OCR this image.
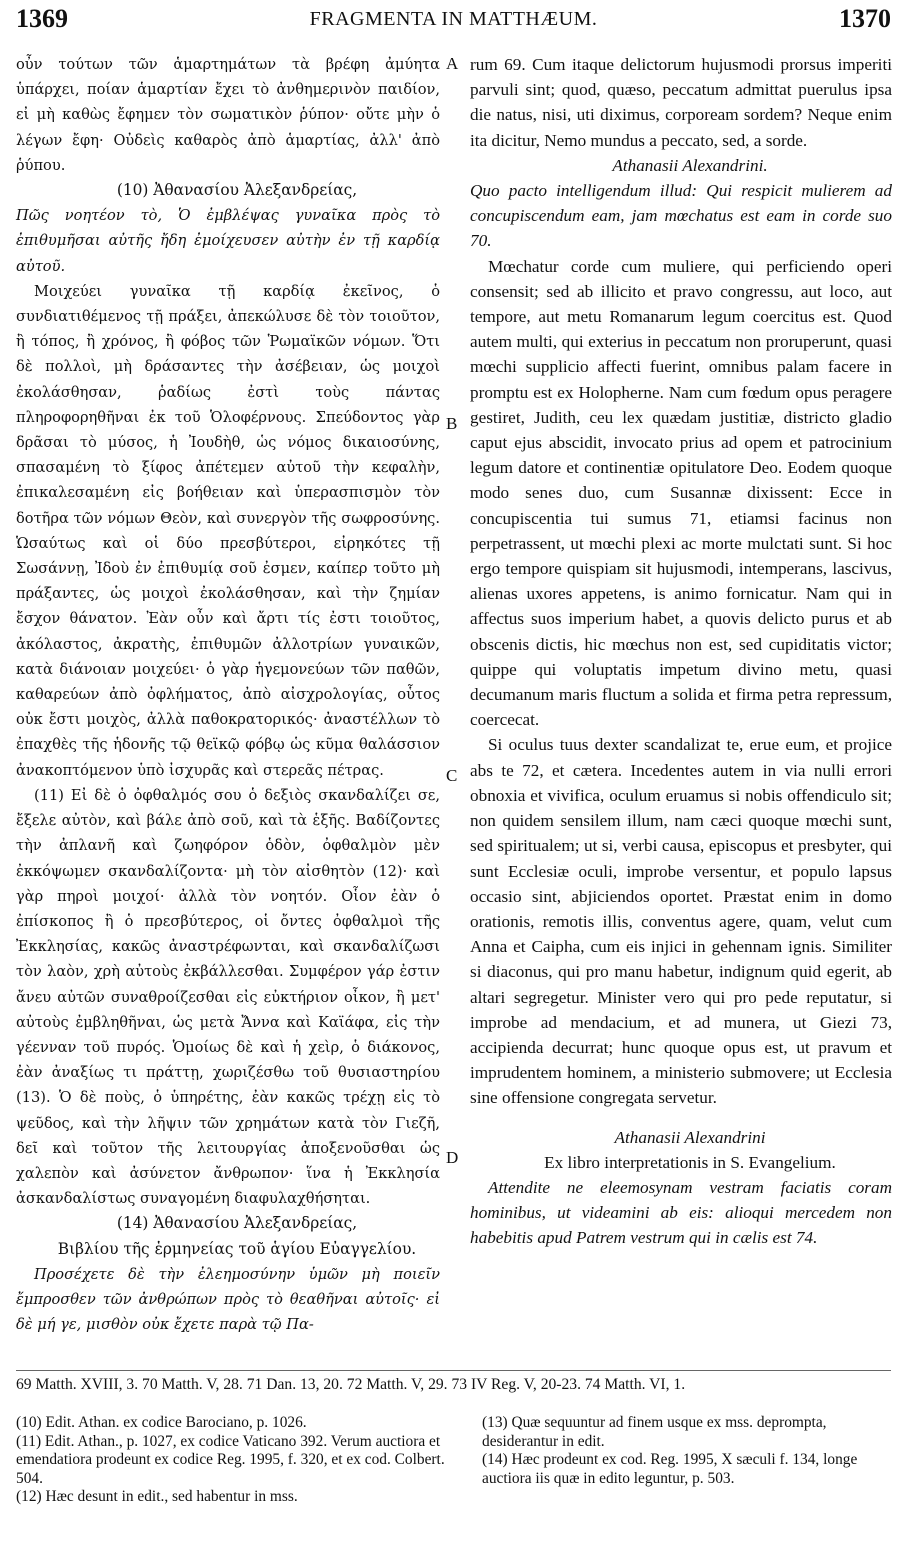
1369	FRAGMENTA IN MATTHÆUM.	1370

οὖν τούτων τῶν ἁμαρτημάτων τὰ βρέφη ἀμύητα ὑπάρχει, ποίαν ἁμαρτίαν ἔχει τὸ ἀνθημερινὸν παιδίον, εἰ μὴ καθὼς ἔφημεν τὸν σωματικὸν ῥύπον· οὔτε μὴν ὁ λέγων ἔφη· Οὐδεὶς καθαρὸς ἀπὸ ἁμαρτίας, ἀλλ' ἀπὸ ῥύπου.

(10) Ἀθανασίου Ἀλεξανδρείας,

Πῶς νοητέον τὸ, Ὁ ἐμβλέψας γυναῖκα πρὸς τὸ ἐπιθυμῆσαι αὐτῆς ἤδη ἐμοίχευσεν αὐτὴν ἐν τῇ καρδίᾳ αὐτοῦ.

Μοιχεύει γυναῖκα τῇ καρδίᾳ ἐκεῖνος, ὁ συνδιατιθέμενος τῇ πράξει, ἀπεκώλυσε δὲ τὸν τοιοῦτον, ἢ τόπος, ἢ χρόνος, ἢ φόβος τῶν Ῥωμαϊκῶν νόμων. Ὅτι δὲ πολλοὶ, μὴ δράσαντες τὴν ἀσέβειαν, ὡς μοιχοὶ ἐκολάσθησαν, ῥαδίως ἐστὶ τοὺς πάντας πληροφορηθῆναι ἐκ τοῦ Ὁλοφέρνους. Σπεύδοντος γὰρ δρᾶσαι τὸ μύσος, ἡ Ἰουδὴθ, ὡς νόμος δικαιοσύνης, σπασαμένη τὸ ξίφος ἀπέτεμεν αὐτοῦ τὴν κεφαλὴν, ἐπικαλεσαμένη εἰς βοήθειαν καὶ ὑπερασπισμὸν τὸν δοτῆρα τῶν νόμων Θεὸν, καὶ συνεργὸν τῆς σωφροσύνης. Ὡσαύτως καὶ οἱ δύο πρεσβύτεροι, εἰρηκότες τῇ Σωσάννῃ, Ἰδοὺ ἐν ἐπιθυμίᾳ σοῦ ἐσμεν, καίπερ τοῦτο μὴ πράξαντες, ὡς μοιχοὶ ἐκολάσθησαν, καὶ τὴν ζημίαν ἔσχον θάνατον. Ἐὰν οὖν καὶ ἄρτι τίς ἐστι τοιοῦτος, ἀκόλαστος, ἀκρατὴς, ἐπιθυμῶν ἀλλοτρίων γυναικῶν, κατὰ διάνοιαν μοιχεύει· ὁ γὰρ ἡγεμονεύων τῶν παθῶν, καθαρεύων ἀπὸ ὀφλήματος, ἀπὸ αἰσχρολογίας, οὗτος οὐκ ἔστι μοιχὸς, ἀλλὰ παθοκρατορικός· ἀναστέλλων τὸ ἐπαχθὲς τῆς ἡδονῆς τῷ θεϊκῷ φόβῳ ὡς κῦμα θαλάσσιον ἀνακοπτόμενον ὑπὸ ἰσχυρᾶς καὶ στερεᾶς πέτρας.

(11) Εἰ δὲ ὁ ὀφθαλμός σου ὁ δεξιὸς σκανδαλίζει σε, ἔξελε αὐτὸν, καὶ βάλε ἀπὸ σοῦ, καὶ τὰ ἑξῆς. Βαδίζοντες τὴν ἀπλανῆ καὶ ζωηφόρον ὁδὸν, ὀφθαλμὸν μὲν ἐκκόψωμεν σκανδαλίζοντα· μὴ τὸν αἰσθητὸν (12)· καὶ γὰρ πηροὶ μοιχοί· ἀλλὰ τὸν νοητόν. Οἷον ἐὰν ὁ ἐπίσκοπος ἢ ὁ πρεσβύτερος, οἱ ὄντες ὀφθαλμοὶ τῆς Ἐκκλησίας, κακῶς ἀναστρέφωνται, καὶ σκανδαλίζωσι τὸν λαὸν, χρὴ αὐτοὺς ἐκβάλλεσθαι. Συμφέρον γάρ ἐστιν ἄνευ αὐτῶν συναθροίζεσθαι εἰς εὐκτήριον οἶκον, ἢ μετ' αὐτοὺς ἐμβληθῆναι, ὡς μετὰ Ἄννα καὶ Καϊάφα, εἰς τὴν γέενναν τοῦ πυρός. Ὁμοίως δὲ καὶ ἡ χεὶρ, ὁ διάκονος, ἐὰν ἀναξίως τι πράττῃ, χωριζέσθω τοῦ θυσιαστηρίου (13). Ὁ δὲ ποὺς, ὁ ὑπηρέτης, ἐὰν κακῶς τρέχῃ εἰς τὸ ψεῦδος, καὶ τὴν λῆψιν τῶν χρημάτων κατὰ τὸν Γιεζῆ, δεῖ καὶ τοῦτον τῆς λειτουργίας ἀποξενοῦσθαι ὡς χαλεπὸν καὶ ἀσύνετον ἄνθρωπον· ἵνα ἡ Ἐκκλησία ἀσκανδαλίστως συναγομένη διαφυλαχθήσηται.

(14) Ἀθανασίου Ἀλεξανδρείας,

Βιβλίου τῆς ἑρμηνείας τοῦ ἁγίου Εὐαγγελίου.

Προσέχετε δὲ τὴν ἐλεημοσύνην ὑμῶν μὴ ποιεῖν ἔμπροσθεν τῶν ἀνθρώπων πρὸς τὸ θεαθῆναι αὐτοῖς· εἰ δὲ μή γε, μισθὸν οὐκ ἔχετε παρὰ τῷ Πα-

A
B
C
D

rum 69. Cum itaque delictorum hujusmodi prorsus imperiti parvuli sint; quod, quæso, peccatum admittat puerulus ipsa die natus, nisi, uti diximus, corpoream sordem? Neque enim ita dicitur, Nemo mundus a peccato, sed, a sorde.

Athanasii Alexandrini.

Quo pacto intelligendum illud: Qui respicit mulierem ad concupiscendum eam, jam mœchatus est eam in corde suo 70.

Mœchatur corde cum muliere, qui perficiendo operi consensit; sed ab illicito et pravo congressu, aut loco, aut tempore, aut metu Romanarum legum coercitus est. Quod autem multi, qui exterius in peccatum non proruperunt, quasi mœchi supplicio affecti fuerint, omnibus palam facere in promptu est ex Holopherne. Nam cum fœdum opus peragere gestiret, Judith, ceu lex quædam justitiæ, districto gladio caput ejus abscidit, invocato prius ad opem et patrocinium legum datore et continentiæ opitulatore Deo. Eodem quoque modo senes duo, cum Susannæ dixissent: Ecce in concupiscentia tui sumus 71, etiamsi facinus non perpetrassent, ut mœchi plexi ac morte mulctati sunt. Si hoc ergo tempore quispiam sit hujusmodi, intemperans, lascivus, alienas uxores appetens, is animo fornicatur. Nam qui in affectus suos imperium habet, a quovis delicto purus et ab obscenis dictis, hic mœchus non est, sed cupiditatis victor; quippe qui voluptatis impetum divino metu, quasi decumanum maris fluctum a solida et firma petra repressum, coercecat.

Si oculus tuus dexter scandalizat te, erue eum, et projice abs te 72, et cætera. Incedentes autem in via nulli errori obnoxia et vivifica, oculum eruamus si nobis offendiculo sit; non quidem sensilem illum, nam cæci quoque mœchi sunt, sed spiritualem; ut si, verbi causa, episcopus et presbyter, qui sunt Ecclesiæ oculi, improbe versentur, et populo lapsus occasio sint, abjiciendos oportet. Præstat enim in domo orationis, remotis illis, conventus agere, quam, velut cum Anna et Caipha, cum eis injici in gehennam ignis. Similiter si diaconus, qui pro manu habetur, indignum quid egerit, ab altari segregetur. Minister vero qui pro pede reputatur, si improbe ad mendacium, et ad munera, ut Giezi 73, accipienda decurrat; hunc quoque opus est, ut pravum et imprudentem hominem, a ministerio submovere; ut Ecclesia sine offensione congregata servetur.

Athanasii Alexandrini

Ex libro interpretationis in S. Evangelium.

Attendite ne eleemosynam vestram faciatis coram hominibus, ut videamini ab eis: alioqui mercedem non habebitis apud Patrem vestrum qui in cælis est 74.

69 Matth. XVIII, 3. 70 Matth. V, 28. 71 Dan. 13, 20. 72 Matth. V, 29. 73 IV Reg. V, 20-23. 74 Matth. VI, 1.

(10) Edit. Athan. ex codice Barociano, p. 1026.

(11) Edit. Athan., p. 1027, ex codice Vaticano 392. Verum auctiora et emendatiora prodeunt ex codice Reg. 1995, f. 320, et ex cod. Colbert. 504.

(12) Hæc desunt in edit., sed habentur in mss.

(13) Quæ sequuntur ad finem usque ex mss. deprompta, desiderantur in edit.

(14) Hæc prodeunt ex cod. Reg. 1995, X sæculi f. 134, longe auctiora iis quæ in edito leguntur, p. 503.
